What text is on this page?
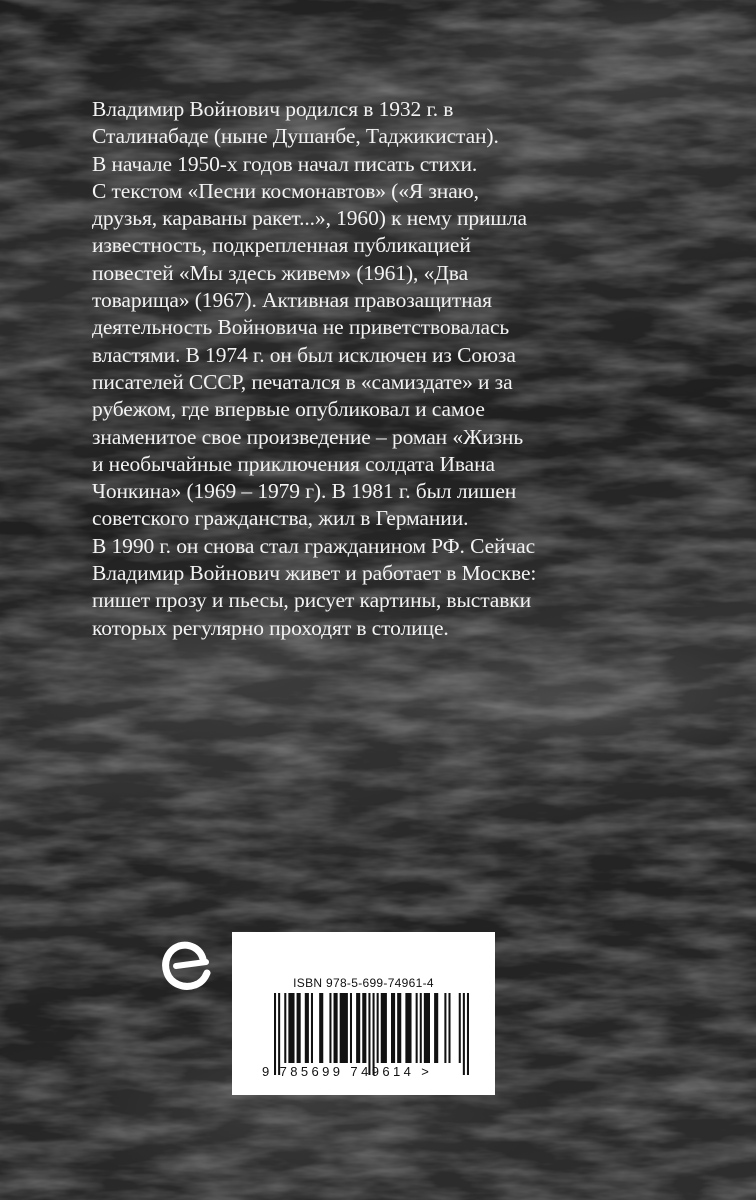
Владимир Войнович родился в 1932 г. в
Сталинабаде (ныне Душанбе, Таджикистан).
В начале 1950-х годов начал писать стихи.
С текстом «Песни космонавтов» («Я знаю,
друзья, караваны ракет...», 1960) к нему пришла
известность, подкрепленная публикацией
повестей «Мы здесь живем» (1961), «Два
товарища» (1967). Активная правозащитная
деятельность Войновича не приветствовалась
властями. В 1974 г. он был исключен из Союза
писателей СССР, печатался в «самиздате» и за
рубежом, где впервые опубликовал и самое
знаменитое свое произведение – роман «Жизнь
и необычайные приключения солдата Ивана
Чонкина» (1969 – 1979 г). В 1981 г. был лишен
советского гражданства, жил в Германии.
В 1990 г. он снова стал гражданином РФ. Сейчас
Владимир Войнович живет и работает в Москве:
пишет прозу и пьесы, рисует картины, выставки
которых регулярно проходят в столице.

ISBN 978-5-699-74961-4
9 785699 749614 >
